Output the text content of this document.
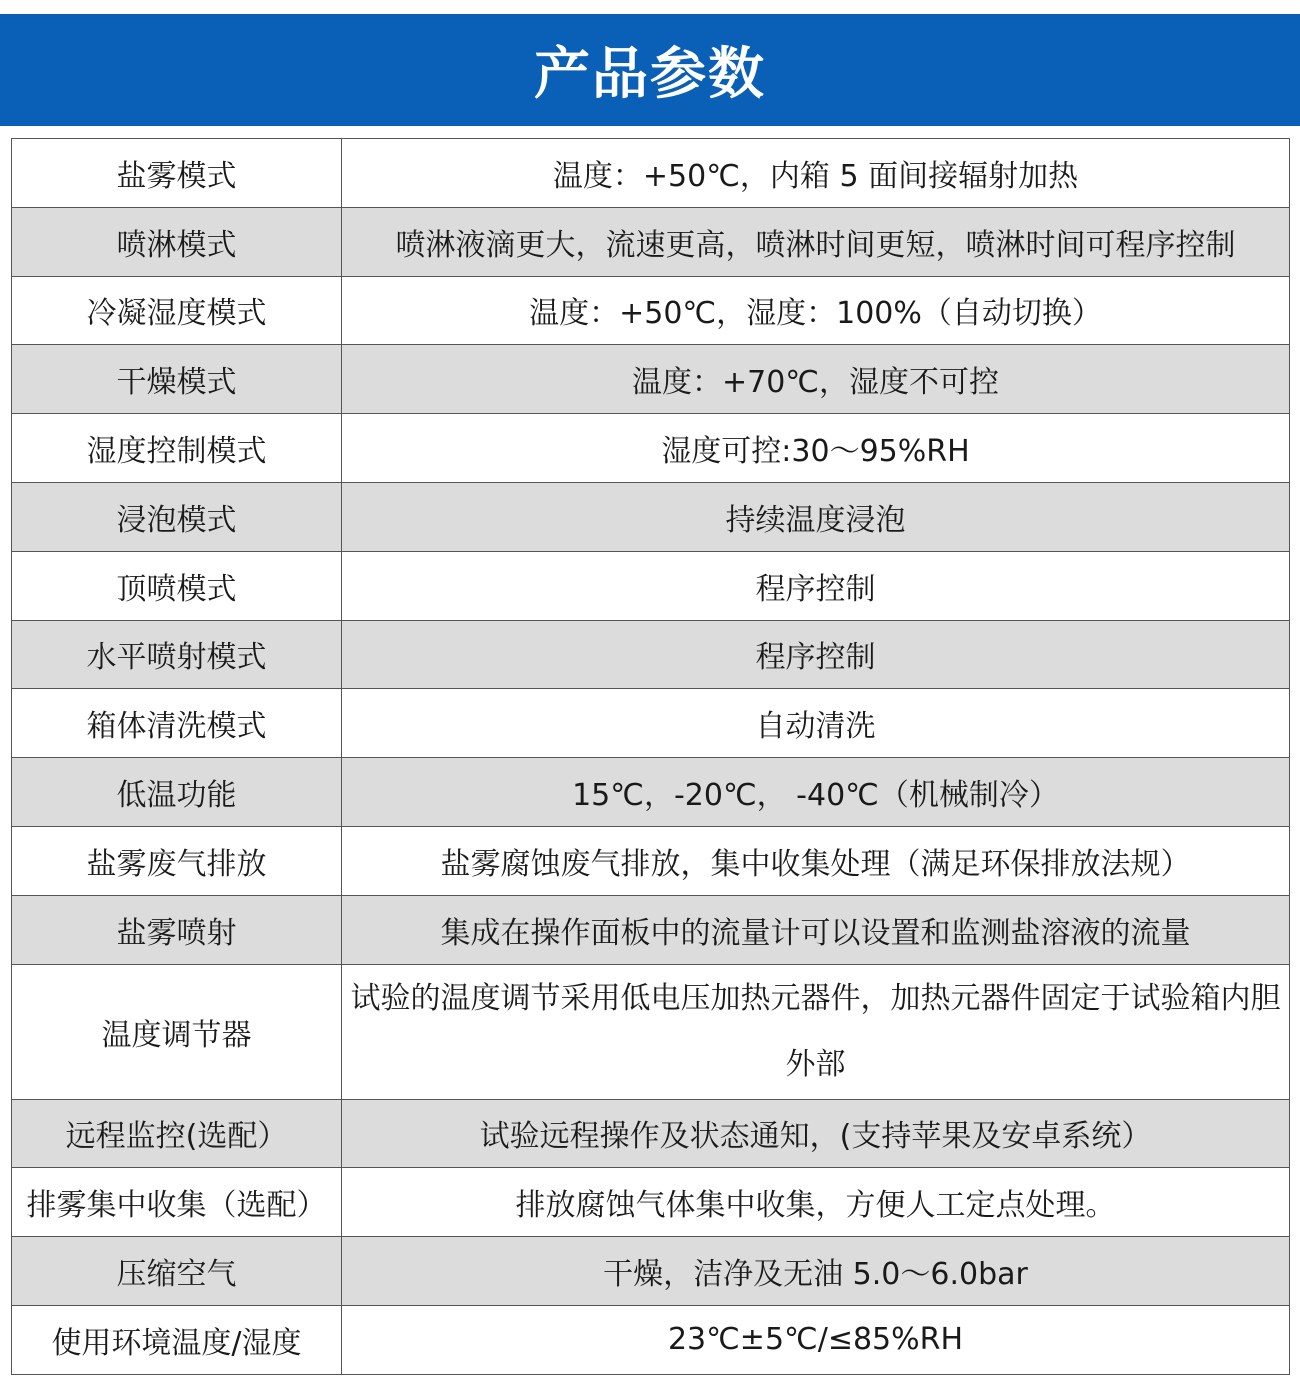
产品参数
盐雾模式	温度：+50℃，内箱 5 面间接辐射加热
喷淋模式	喷淋液滴更大，流速更高，喷淋时间更短，喷淋时间可程序控制
冷凝湿度模式	温度：+50℃，湿度：100%（自动切换）
干燥模式	温度：+70℃，湿度不可控
湿度控制模式	湿度可控:30～95%RH
浸泡模式	持续温度浸泡
顶喷模式	程序控制
水平喷射模式	程序控制
箱体清洗模式	自动清洗
低温功能	15℃，-20℃， -40℃（机械制冷）
盐雾废气排放	盐雾腐蚀废气排放，集中收集处理（满足环保排放法规）
盐雾喷射	集成在操作面板中的流量计可以设置和监测盐溶液的流量
温度调节器	试验的温度调节采用低电压加热元器件，加热元器件固定于试验箱内胆外部
远程监控(选配）	试验远程操作及状态通知，(支持苹果及安卓系统）
排雾集中收集（选配）	排放腐蚀气体集中收集，方便人工定点处理。
压缩空气	干燥，洁净及无油 5.0～6.0bar
使用环境温度/湿度	23℃±5℃/≤85%RH
